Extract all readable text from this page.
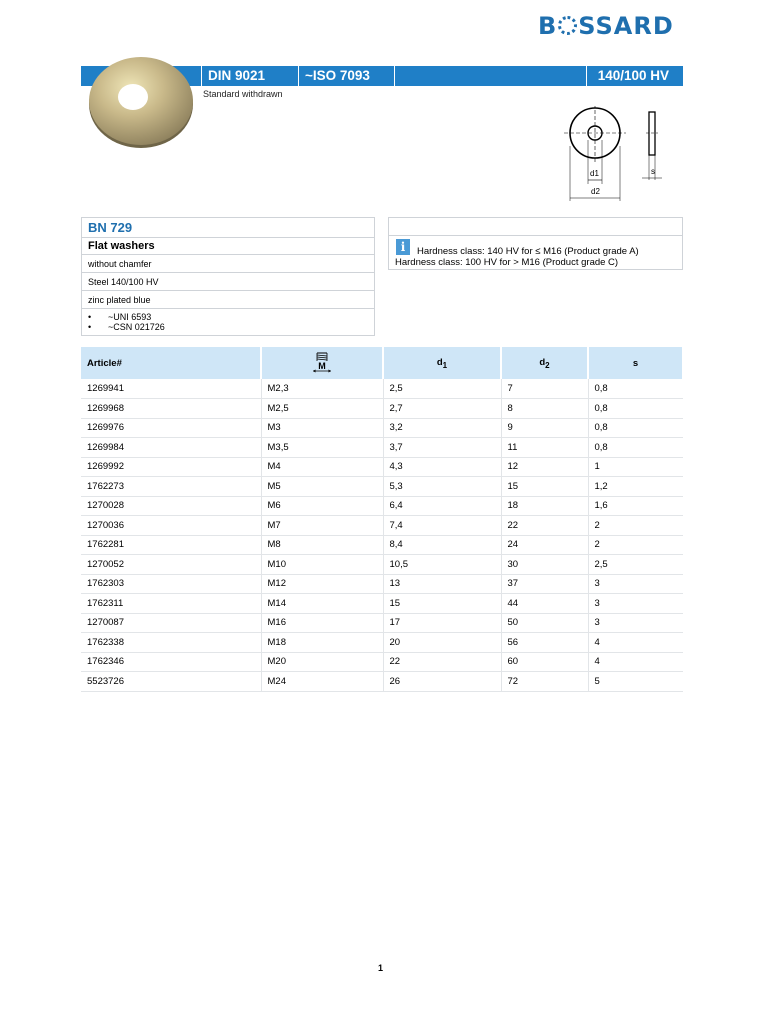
B SSARD
DIN 9021	~ISO 7093	140/100 HV
Standard withdrawn
d1
d2
s
BN 729
Flat washers
without chamfer
Steel 140/100 HV
zinc plated blue
• ~UNI 6593
• ~CSN 021726
i	Hardness class: 140 HV for ≤ M16 (Product grade A)
Hardness class: 100 HV for > M16 (Product grade C)
Article#	M	$d_1$	$d_2$	s
1269941	M2,3	2,5	7	0,8
1269968	M2,5	2,7	8	0,8
1269976	M3	3,2	9	0,8
1269984	M3,5	3,7	11	0,8
1269992	M4	4,3	12	1
1762273	M5	5,3	15	1,2
1270028	M6	6,4	18	1,6
1270036	M7	7,4	22	2
1762281	M8	8,4	24	2
1270052	M10	10,5	30	2,5
1762303	M12	13	37	3
1762311	M14	15	44	3
1270087	M16	17	50	3
1762338	M18	20	56	4
1762346	M20	22	60	4
5523726	M24	26	72	5
1
